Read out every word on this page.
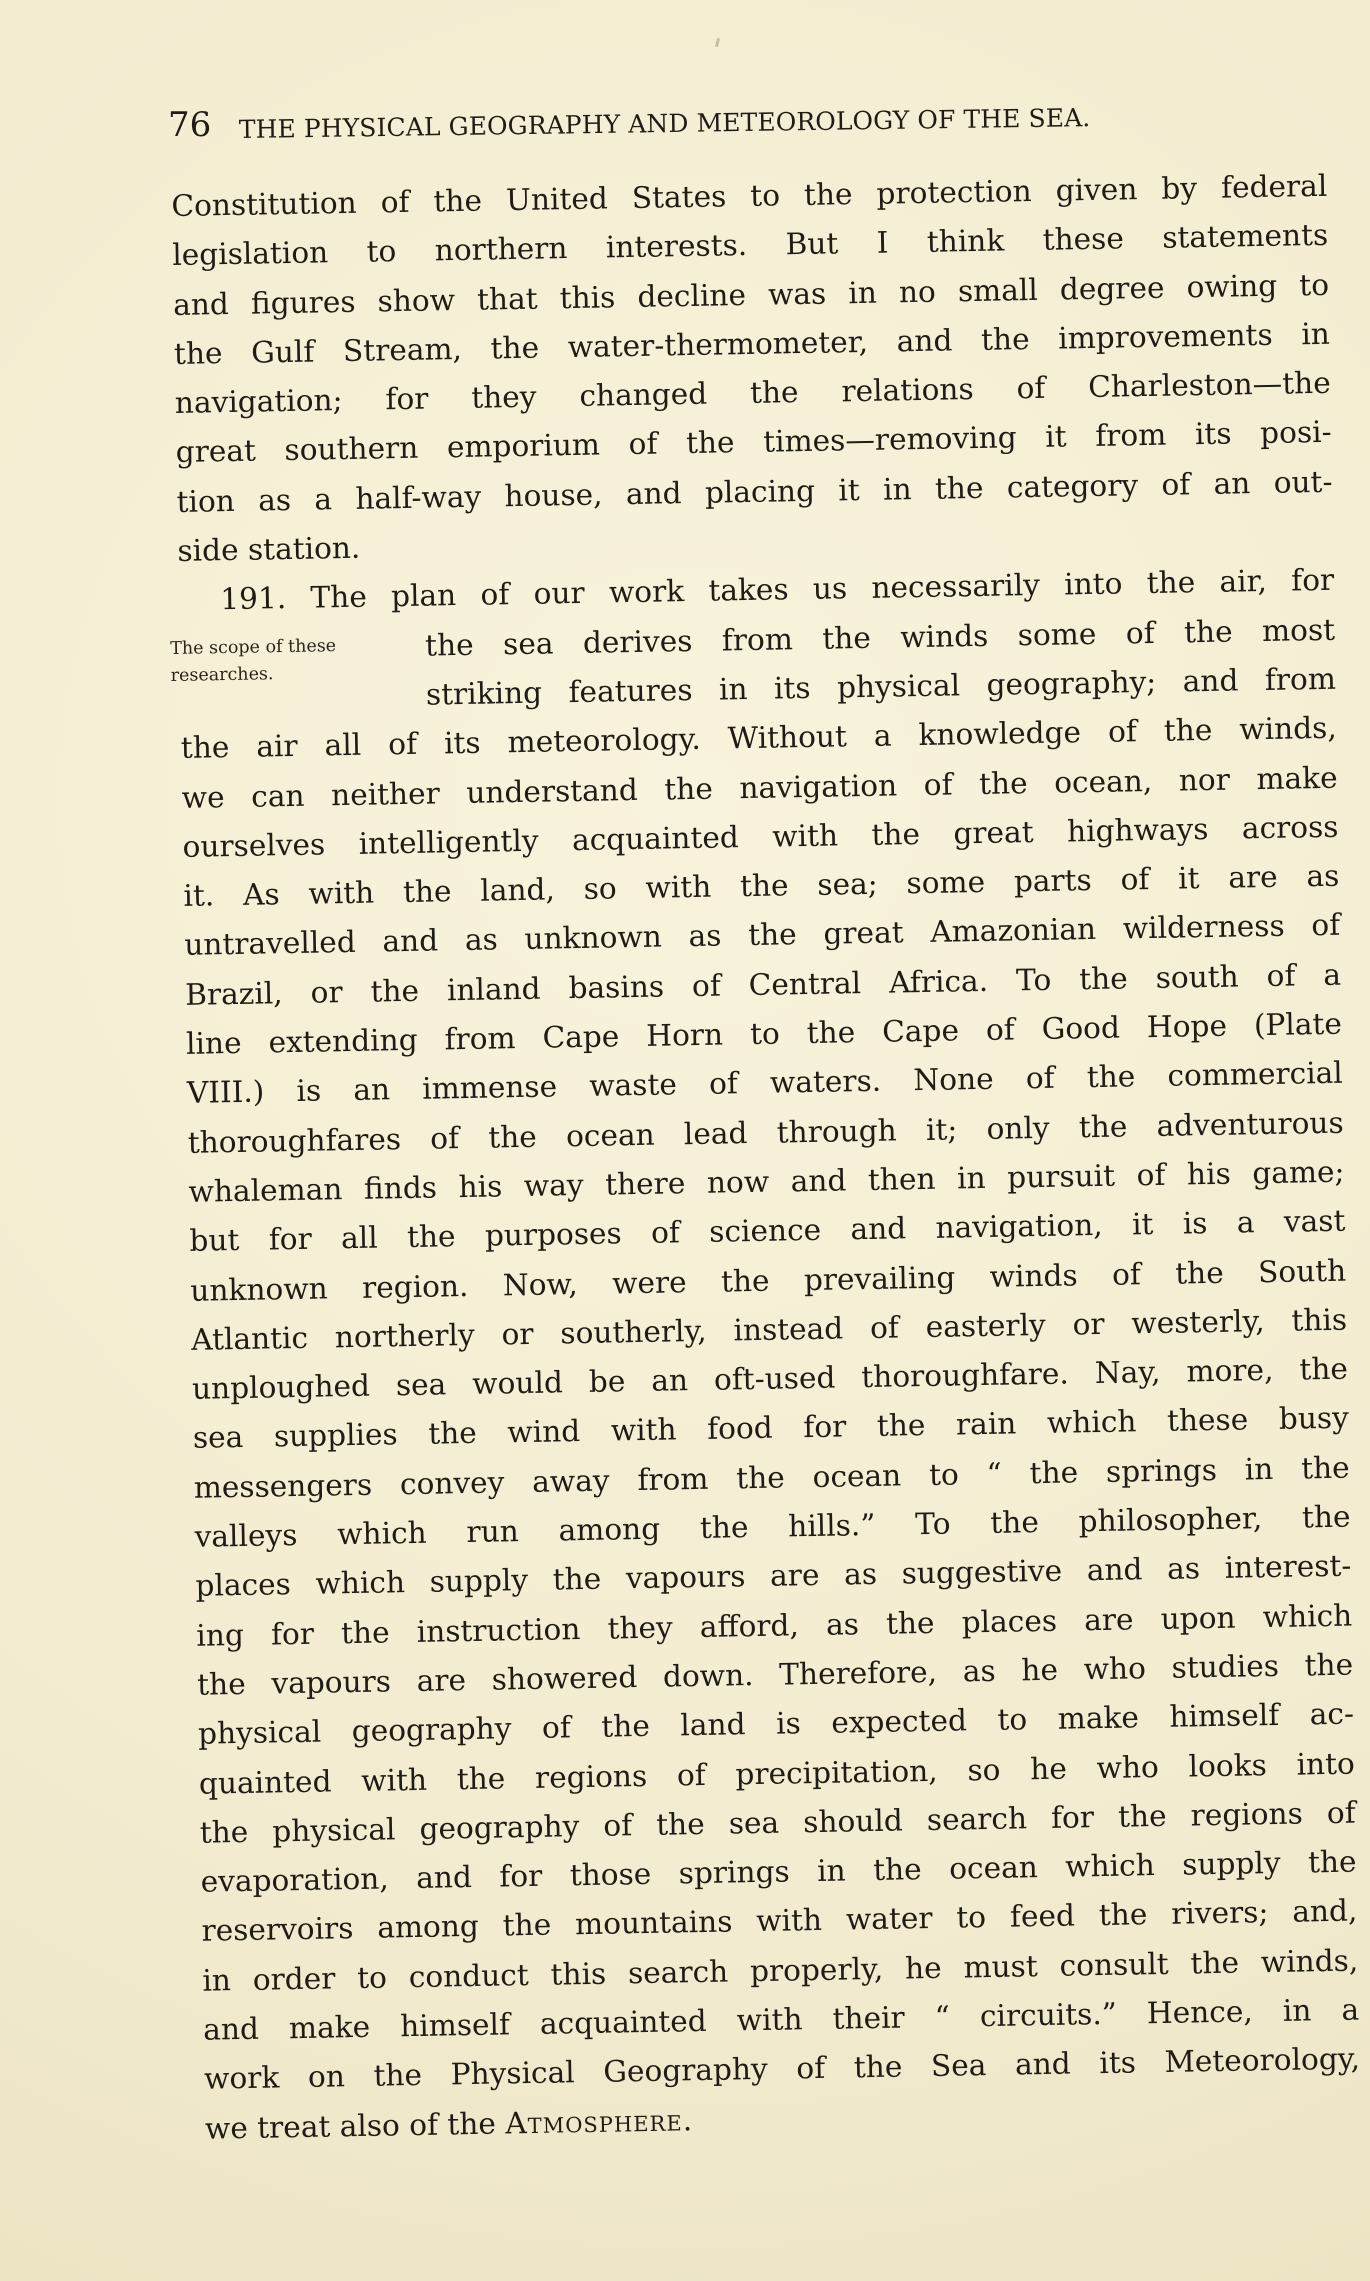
76 THE PHYSICAL GEOGRAPHY AND METEOROLOGY OF THE SEA.
The scope of these
researches.
Constitution of the United States to the protection given by federal
legislation to northern interests. But I think these statements
and figures show that this decline was in no small degree owing to
the Gulf Stream, the water-thermometer, and the improvements in
navigation; for they changed the relations of Charleston—the
great southern emporium of the times—removing it from its posi-
tion as a half-way house, and placing it in the category of an out-
side station.
191. The plan of our work takes us necessarily into the air, for
the sea derives from the winds some of the most
striking features in its physical geography; and from
the air all of its meteorology. Without a knowledge of the winds,
we can neither understand the navigation of the ocean, nor make
ourselves intelligently acquainted with the great highways across
it. As with the land, so with the sea; some parts of it are as
untravelled and as unknown as the great Amazonian wilderness of
Brazil, or the inland basins of Central Africa. To the south of a
line extending from Cape Horn to the Cape of Good Hope (Plate
VIII.) is an immense waste of waters. None of the commercial
thoroughfares of the ocean lead through it; only the adventurous
whaleman finds his way there now and then in pursuit of his game;
but for all the purposes of science and navigation, it is a vast
unknown region. Now, were the prevailing winds of the South
Atlantic northerly or southerly, instead of easterly or westerly, this
unploughed sea would be an oft-used thoroughfare. Nay, more, the
sea supplies the wind with food for the rain which these busy
messengers convey away from the ocean to “ the springs in the
valleys which run among the hills.” To the philosopher, the
places which supply the vapours are as suggestive and as interest-
ing for the instruction they afford, as the places are upon which
the vapours are showered down. Therefore, as he who studies the
physical geography of the land is expected to make himself ac-
quainted with the regions of precipitation, so he who looks into
the physical geography of the sea should search for the regions of
evaporation, and for those springs in the ocean which supply the
reservoirs among the mountains with water to feed the rivers; and,
in order to conduct this search properly, he must consult the winds,
and make himself acquainted with their “ circuits.” Hence, in a
work on the Physical Geography of the Sea and its Meteorology,
we treat also of the Atmosphere.
